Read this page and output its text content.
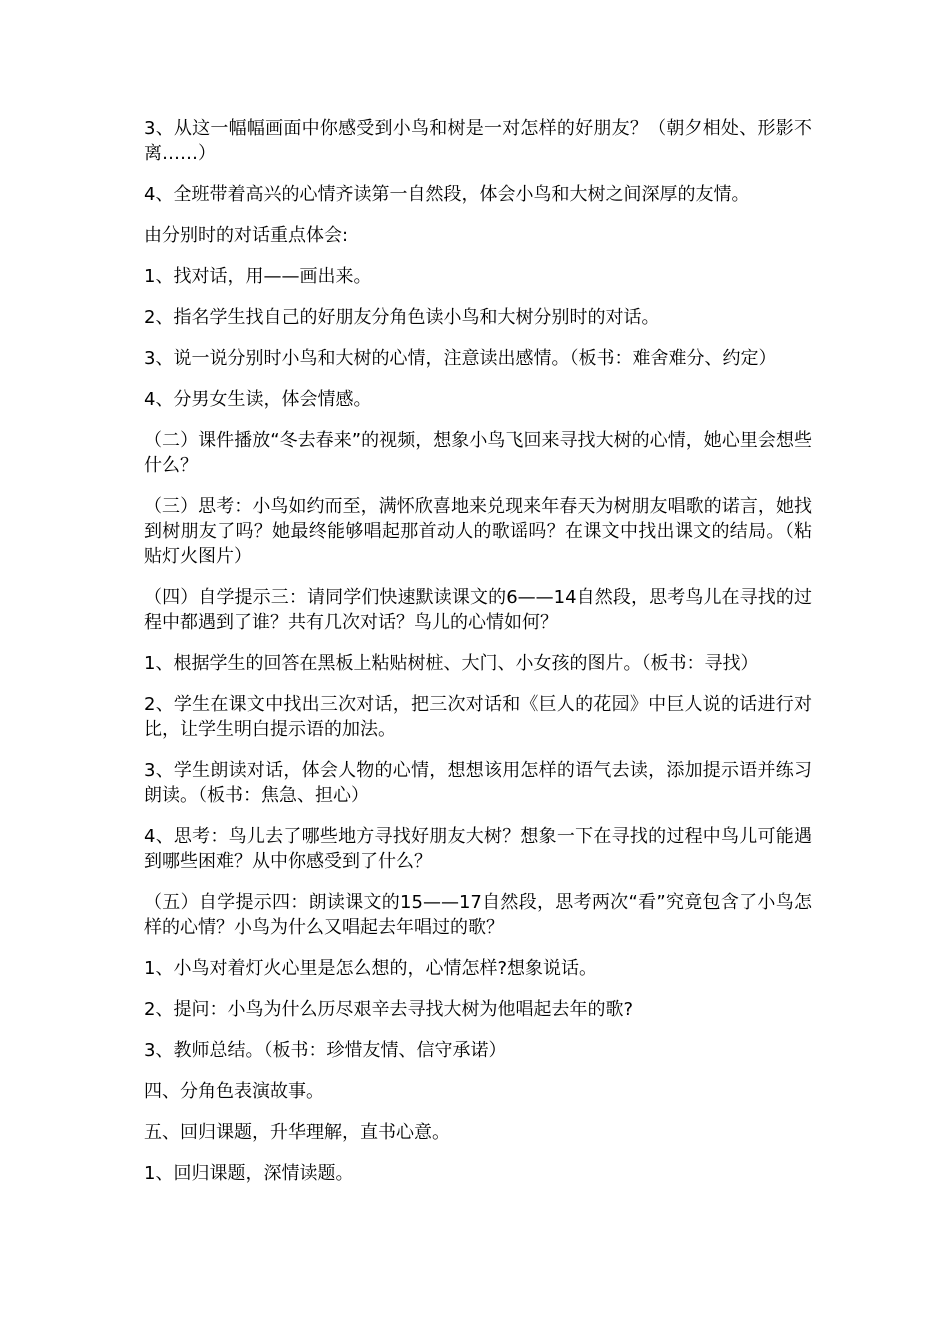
3、从这一幅幅画面中你感受到小鸟和树是一对怎样的好朋友？（朝夕相处、形影不离……）

4、全班带着高兴的心情齐读第一自然段，体会小鸟和大树之间深厚的友情。

由分别时的对话重点体会:

1、找对话，用——画出来。

2、指名学生找自己的好朋友分角色读小鸟和大树分别时的对话。

3、说一说分别时小鸟和大树的心情，注意读出感情。（板书：难舍难分、约定）

4、分男女生读，体会情感。

（二）课件播放“冬去春来”的视频，想象小鸟飞回来寻找大树的心情，她心里会想些什么？

（三）思考：小鸟如约而至，满怀欣喜地来兑现来年春天为树朋友唱歌的诺言，她找到树朋友了吗？她最终能够唱起那首动人的歌谣吗？在课文中找出课文的结局。（粘贴灯火图片）

（四）自学提示三：请同学们快速默读课文的6——14自然段，思考鸟儿在寻找的过程中都遇到了谁？共有几次对话？鸟儿的心情如何？

1、根据学生的回答在黑板上粘贴树桩、大门、小女孩的图片。（板书：寻找）

2、学生在课文中找出三次对话，把三次对话和《巨人的花园》中巨人说的话进行对比，让学生明白提示语的加法。

3、学生朗读对话，体会人物的心情，想想该用怎样的语气去读，添加提示语并练习朗读。（板书：焦急、担心）

4、思考：鸟儿去了哪些地方寻找好朋友大树？想象一下在寻找的过程中鸟儿可能遇到哪些困难？从中你感受到了什么？

（五）自学提示四：朗读课文的15——17自然段，思考两次“看”究竟包含了小鸟怎样的心情？小鸟为什么又唱起去年唱过的歌？

1、小鸟对着灯火心里是怎么想的，心情怎样?想象说话。

2、提问：小鸟为什么历尽艰辛去寻找大树为他唱起去年的歌?

3、教师总结。（板书：珍惜友情、信守承诺）

四、分角色表演故事。

五、回归课题，升华理解，直书心意。

1、回归课题，深情读题。
